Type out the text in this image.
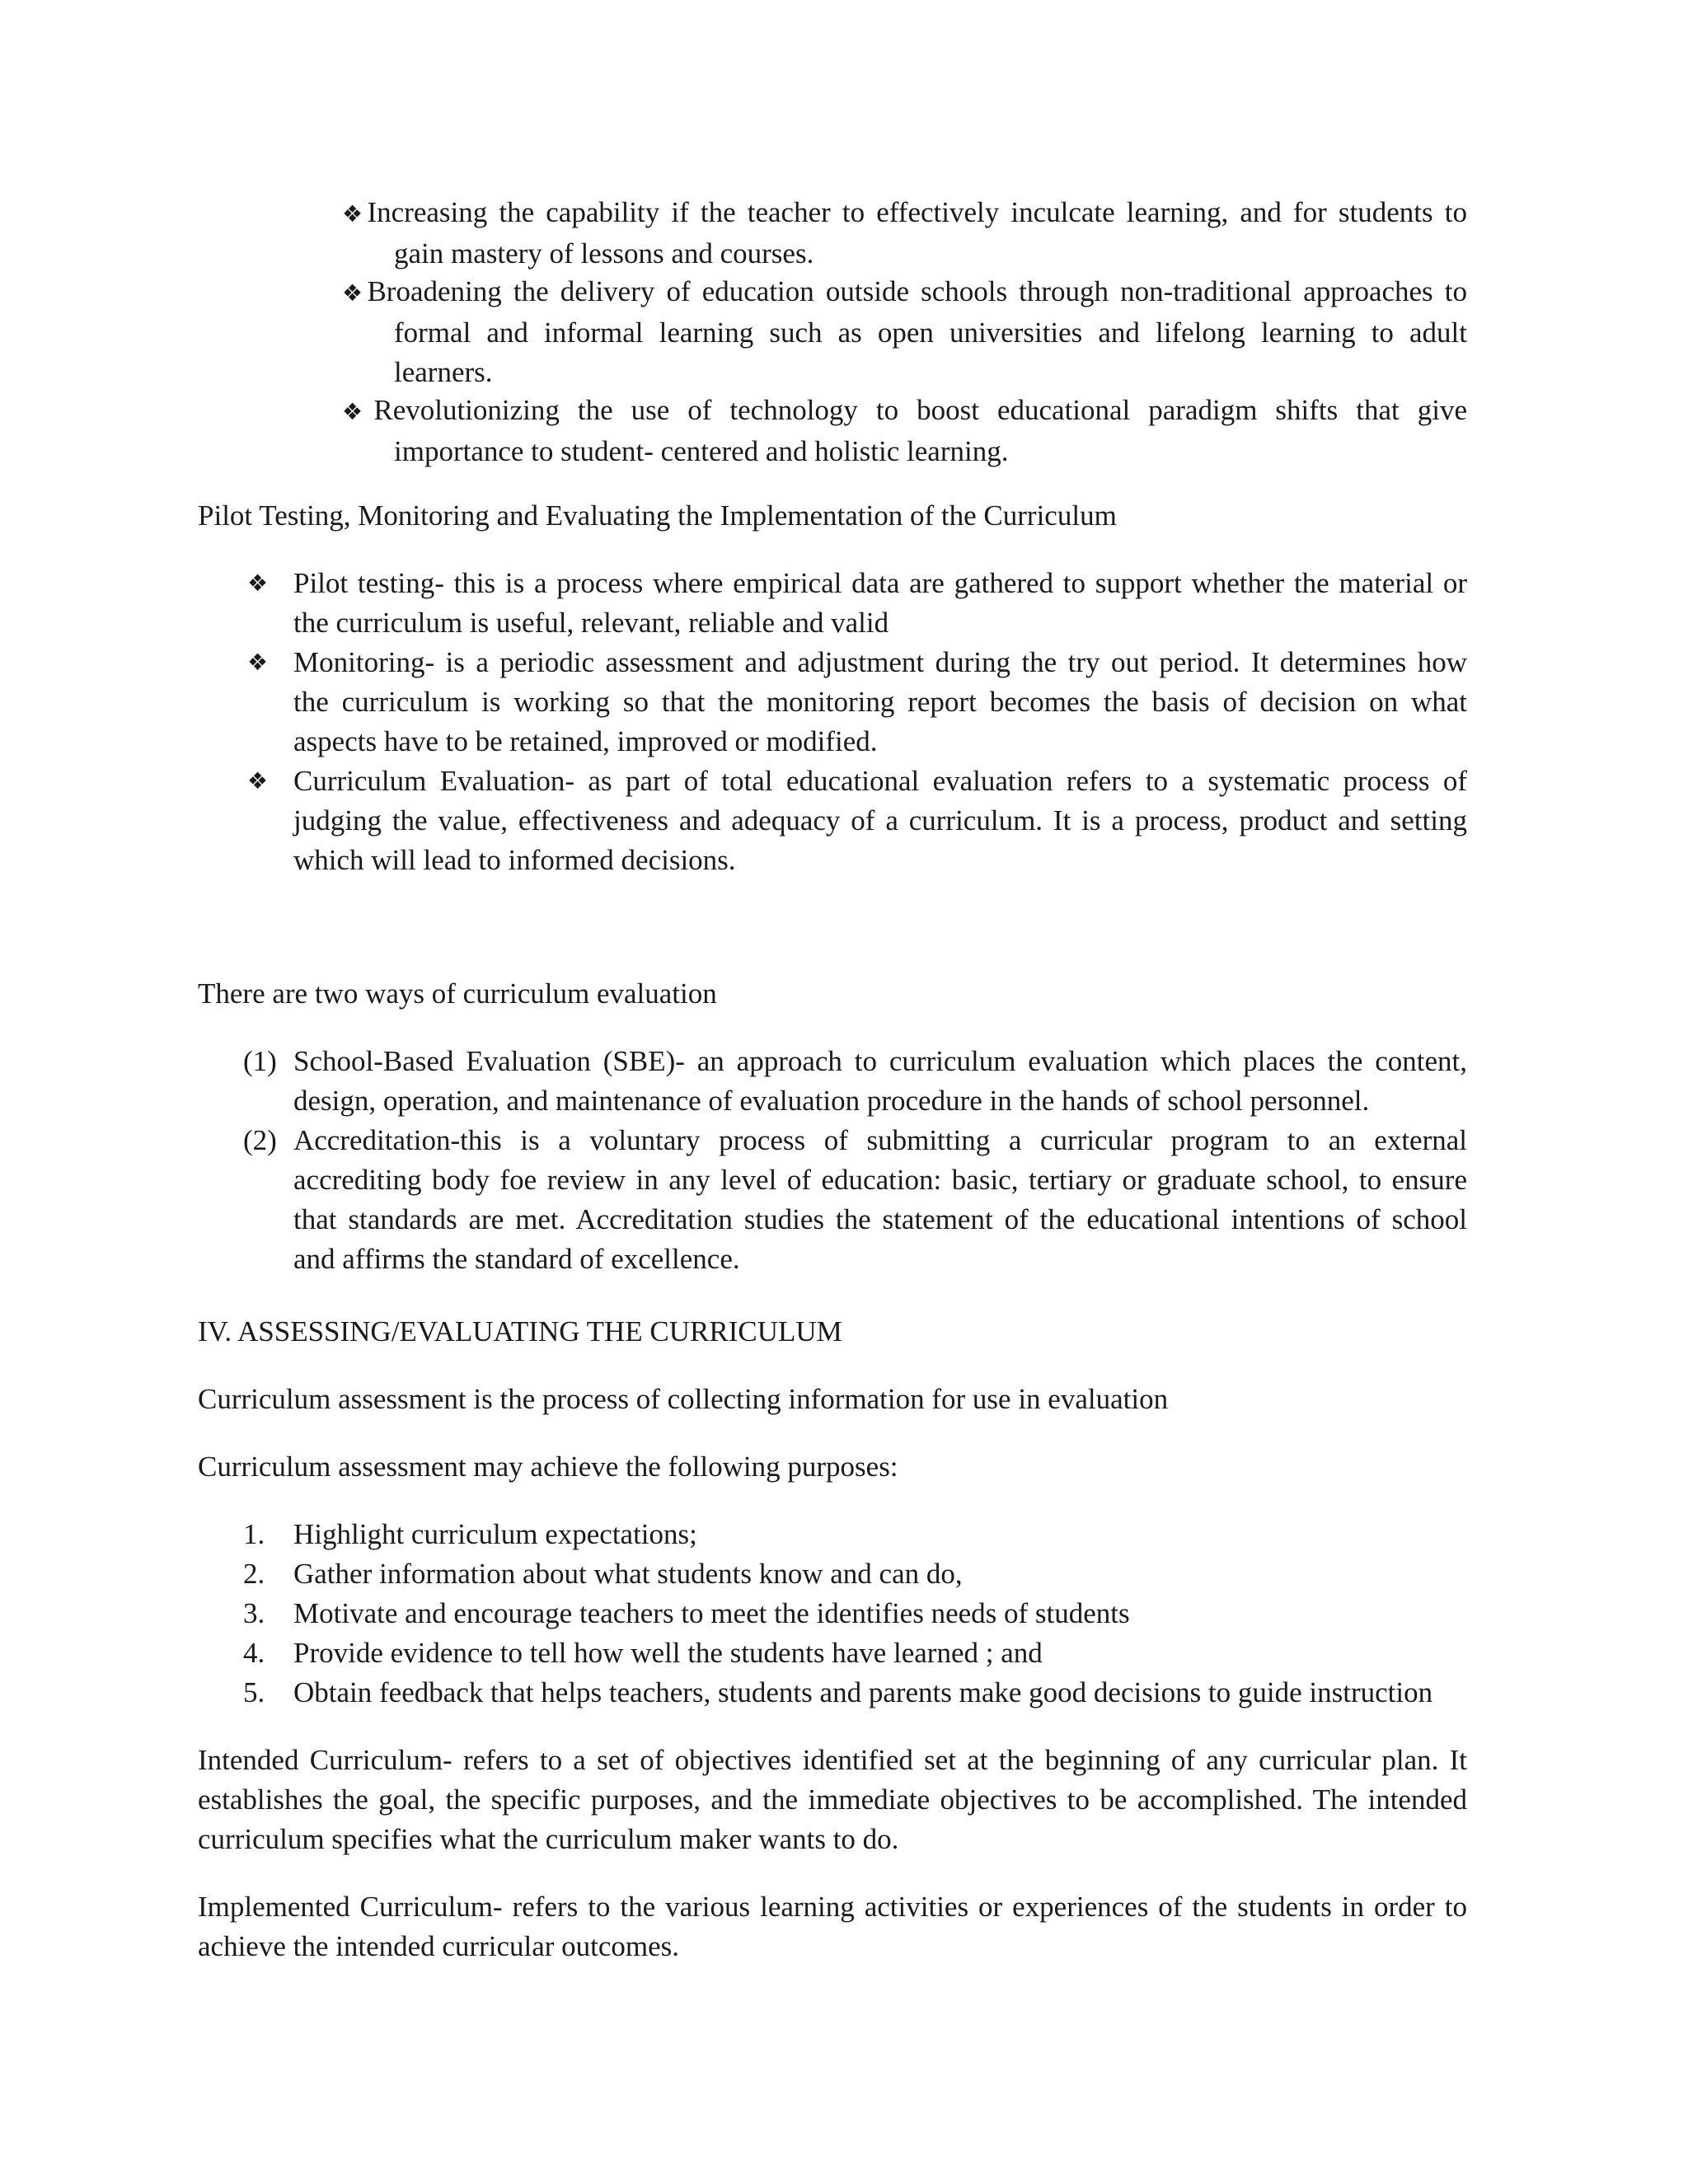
❖Increasing the capability if the teacher to effectively inculcate learning, and for students to
gain mastery of lessons and courses.
❖Broadening the delivery of education outside schools through non-traditional approaches to
formal and informal learning such as open universities and lifelong learning to adult
learners.
❖Revolutionizing the use of technology to boost educational paradigm shifts that give
importance to student- centered and holistic learning.
Pilot Testing, Monitoring and Evaluating the Implementation of the Curriculum
❖ Pilot testing- this is a process where empirical data are gathered to support whether the material or
the curriculum is useful, relevant, reliable and valid
❖ Monitoring- is a periodic assessment and adjustment during the try out period. It determines how
the curriculum is working so that the monitoring report becomes the basis of decision on what
aspects have to be retained, improved or modified.
❖ Curriculum Evaluation- as part of total educational evaluation refers to a systematic process of
judging the value, effectiveness and adequacy of a curriculum. It is a process, product and setting
which will lead to informed decisions.
There are two ways of curriculum evaluation
(1) School-Based Evaluation (SBE)- an approach to curriculum evaluation which places the content,
design, operation, and maintenance of evaluation procedure in the hands of school personnel.
(2) Accreditation-this is a voluntary process of submitting a curricular program to an external
accrediting body foe review in any level of education: basic, tertiary or graduate school, to ensure
that standards are met. Accreditation studies the statement of the educational intentions of school
and affirms the standard of excellence.
IV. ASSESSING/EVALUATING THE CURRICULUM
Curriculum assessment is the process of collecting information for use in evaluation
Curriculum assessment may achieve the following purposes:
1. Highlight curriculum expectations;
2. Gather information about what students know and can do,
3. Motivate and encourage teachers to meet the identifies needs of students
4. Provide evidence to tell how well the students have learned ; and
5. Obtain feedback that helps teachers, students and parents make good decisions to guide instruction
Intended Curriculum- refers to a set of objectives identified set at the beginning of any curricular plan. It
establishes the goal, the specific purposes, and the immediate objectives to be accomplished. The intended
curriculum specifies what the curriculum maker wants to do.
Implemented Curriculum- refers to the various learning activities or experiences of the students in order to
achieve the intended curricular outcomes.
